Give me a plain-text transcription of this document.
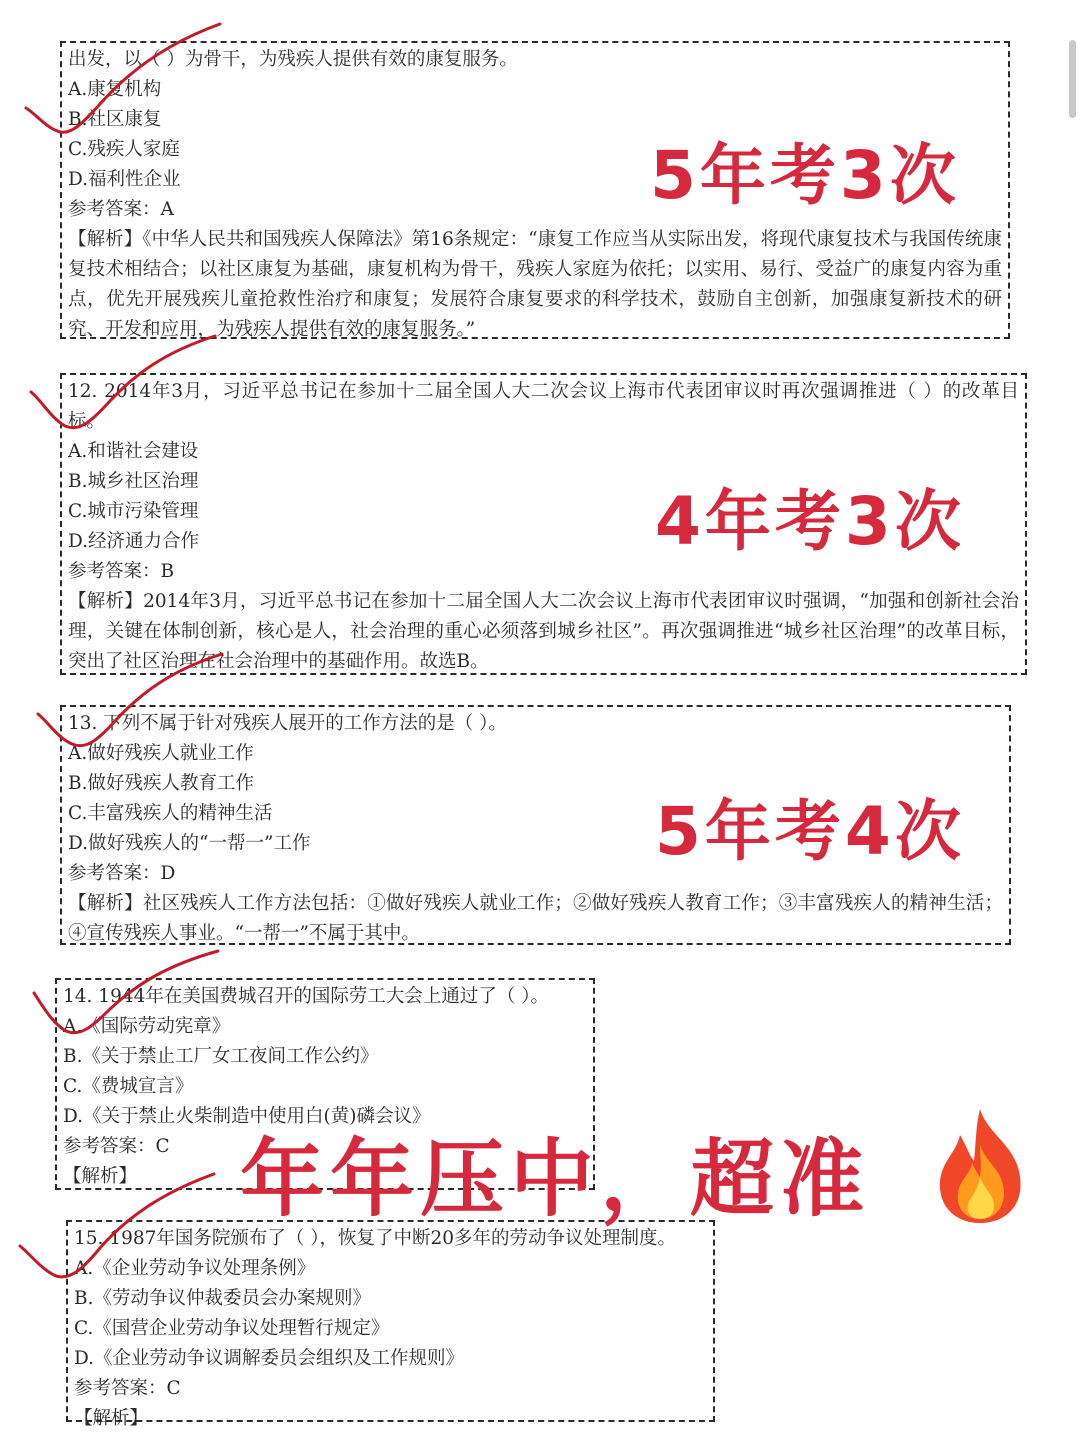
出发，以（ ）为骨干，为残疾人提供有效的康复服务。
A.康复机构
B.社区康复
C.残疾人家庭
D.福利性企业
参考答案：A
【解析】《中华人民共和国残疾人保障法》第16条规定：“康复工作应当从实际出发，将现代康复技术与我国传统康复技术相结合；以社区康复为基础，康复机构为骨干，残疾人家庭为依托；以实用、易行、受益广的康复内容为重点，优先开展残疾儿童抢救性治疗和康复；发展符合康复要求的科学技术，鼓励自主创新，加强康复新技术的研究、开发和应用，为残疾人提供有效的康复服务。”
12. 2014年3月，习近平总书记在参加十二届全国人大二次会议上海市代表团审议时再次强调推进（ ）的改革目标。
A.和谐社会建设
B.城乡社区治理
C.城市污染管理
D.经济通力合作
参考答案：B
【解析】2014年3月，习近平总书记在参加十二届全国人大二次会议上海市代表团审议时强调，“加强和创新社会治理，关键在体制创新，核心是人，社会治理的重心必须落到城乡社区”。再次强调推进“城乡社区治理”的改革目标，突出了社区治理在社会治理中的基础作用。故选B。
13. 下列不属于针对残疾人展开的工作方法的是（ ）。
A.做好残疾人就业工作
B.做好残疾人教育工作
C.丰富残疾人的精神生活
D.做好残疾人的“一帮一”工作
参考答案：D
【解析】社区残疾人工作方法包括：①做好残疾人就业工作；②做好残疾人教育工作；③丰富残疾人的精神生活；④宣传残疾人事业。“一帮一”不属于其中。
14. 1944年在美国费城召开的国际劳工大会上通过了（ ）。
A.《国际劳动宪章》
B.《关于禁止工厂女工夜间工作公约》
C.《费城宣言》
D.《关于禁止火柴制造中使用白(黄)磷会议》
参考答案：C
【解析】
15. 1987年国务院颁布了（ ），恢复了中断20多年的劳动争议处理制度。
A.《企业劳动争议处理条例》
B.《劳动争议仲裁委员会办案规则》
C.《国营企业劳动争议处理暂行规定》
D.《企业劳动争议调解委员会组织及工作规则》
参考答案：C
【解析】
5年考3次
4年考3次
5年考4次
年年压中，超准
